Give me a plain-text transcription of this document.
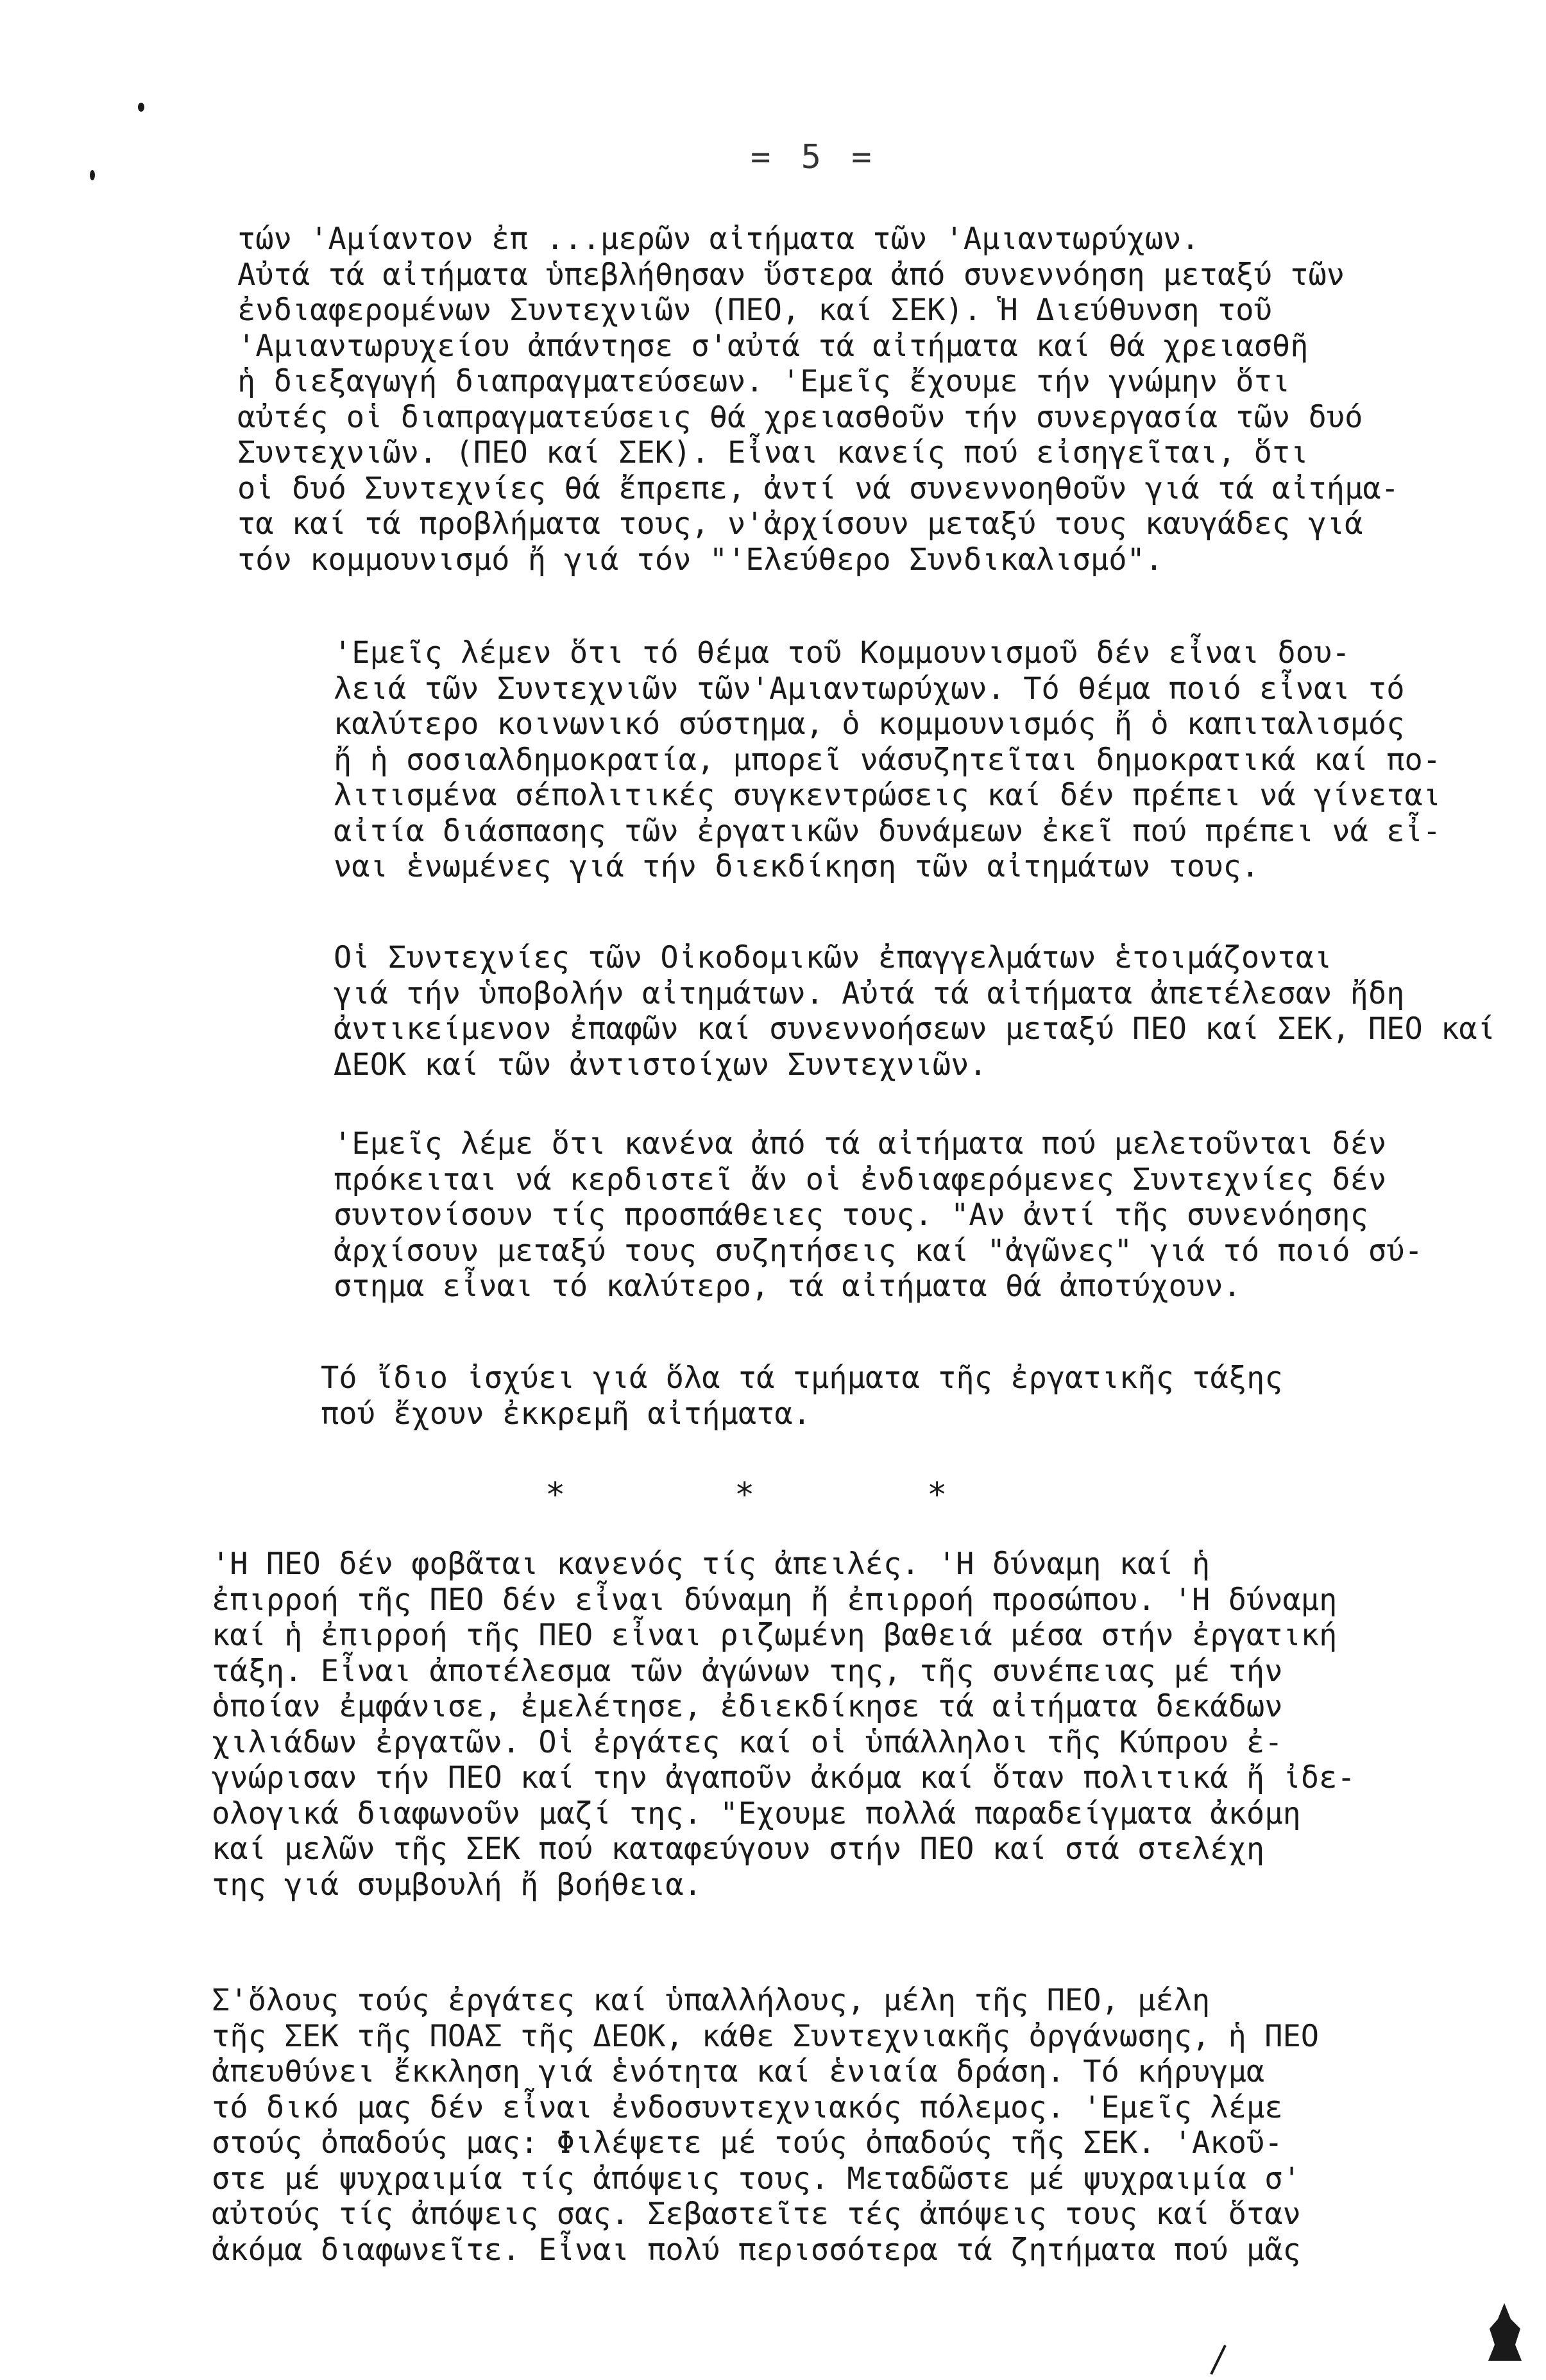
= 5 =
τών 'Αμίαντον ἐπ ...μερῶν αἰτήματα τῶν 'Αμιαντωρύχων.
Αὐτά τά αἰτήματα ὑπεβλήθησαν ὕστερα ἀπό συνεννόηση μεταξύ τῶν
ἐνδιαφερομένων Συντεχνιῶν (ΠΕΟ, καί ΣΕΚ). Ἡ Διεύθυνση τοῦ
'Αμιαντωρυχείου ἀπάντησε σ'αὐτά τά αἰτήματα καί θά χρειασθῆ
ἡ διεξαγωγή διαπραγματεύσεων. 'Εμεῖς ἔχουμε τήν γνώμην ὅτι
αὐτές οἱ διαπραγματεύσεις θά χρειασθοῦν τήν συνεργασία τῶν δυό
Συντεχνιῶν. (ΠΕΟ καί ΣΕΚ). Εἶναι κανείς πού εἰσηγεῖται, ὅτι
οἱ δυό Συντεχνίες θά ἔπρεπε, ἀντί νά συνεννοηθοῦν γιά τά αἰτήμα-
τα καί τά προβλήματα τους, ν'ἀρχίσουν μεταξύ τους καυγάδες γιά
τόν κομμουνισμό ἤ γιά τόν "'Ελεύθερο Συνδικαλισμό".
'Εμεῖς λέμεν ὅτι τό θέμα τοῦ Κομμουνισμοῦ δέν εἶναι δου-
λειά τῶν Συντεχνιῶν τῶν'Αμιαντωρύχων. Τό θέμα ποιό εἶναι τό
καλύτερο κοινωνικό σύστημα, ὁ κομμουνισμός ἤ ὁ καπιταλισμός
ἤ ἡ σοσιαλδημοκρατία, μπορεῖ νάσυζητεῖται δημοκρατικά καί πο-
λιτισμένα σέπολιτικές συγκεντρώσεις καί δέν πρέπει νά γίνεται
αἰτία διάσπασης τῶν ἐργατικῶν δυνάμεων ἐκεῖ πού πρέπει νά εἶ-
ναι ἑνωμένες γιά τήν διεκδίκηση τῶν αἰτημάτων τους.
Οἱ Συντεχνίες τῶν Οἰκοδομικῶν ἐπαγγελμάτων ἑτοιμάζονται
γιά τήν ὑποβολήν αἰτημάτων. Αὐτά τά αἰτήματα ἀπετέλεσαν ἤδη
ἀντικείμενον ἐπαφῶν καί συνεννοήσεων μεταξύ ΠΕΟ καί ΣΕΚ, ΠΕΟ καί
ΔΕΟΚ καί τῶν ἀντιστοίχων Συντεχνιῶν.
'Εμεῖς λέμε ὅτι κανένα ἀπό τά αἰτήματα πού μελετοῦνται δέν
πρόκειται νά κερδιστεῖ ἄν οἱ ἐνδιαφερόμενες Συντεχνίες δέν
συντονίσουν τίς προσπάθειες τους. "Αν ἀντί τῆς συνενόησης
ἀρχίσουν μεταξύ τους συζητήσεις καί "ἀγῶνες" γιά τό ποιό σύ-
στημα εἶναι τό καλύτερο, τά αἰτήματα θά ἀποτύχουν.
Τό ἴδιο ἰσχύει γιά ὅλα τά τμήματα τῆς ἐργατικῆς τάξης
πού ἔχουν ἐκκρεμῆ αἰτήματα.
*	*	*
'Η ΠΕΟ δέν φοβᾶται κανενός τίς ἀπειλές. 'Η δύναμη καί ἡ
ἐπιρροή τῆς ΠΕΟ δέν εἶναι δύναμη ἤ ἐπιρροή προσώπου. 'Η δύναμη
καί ἡ ἐπιρροή τῆς ΠΕΟ εἶναι ριζωμένη βαθειά μέσα στήν ἐργατική
τάξη. Εἶναι ἀποτέλεσμα τῶν ἀγώνων της, τῆς συνέπειας μέ τήν
ὁποίαν ἐμφάνισε, ἐμελέτησε, ἐδιεκδίκησε τά αἰτήματα δεκάδων
χιλιάδων ἐργατῶν. Οἱ ἐργάτες καί οἱ ὑπάλληλοι τῆς Κύπρου ἐ-
γνώρισαν τήν ΠΕΟ καί την ἀγαποῦν ἀκόμα καί ὅταν πολιτικά ἤ ἰδε-
ολογικά διαφωνοῦν μαζί της. "Εχουμε πολλά παραδείγματα ἀκόμη
καί μελῶν τῆς ΣΕΚ πού καταφεύγουν στήν ΠΕΟ καί στά στελέχη
της γιά συμβουλή ἤ βοήθεια.
Σ'ὅλους τούς ἐργάτες καί ὑπαλλήλους, μέλη τῆς ΠΕΟ, μέλη
τῆς ΣΕΚ τῆς ΠΟΑΣ τῆς ΔΕΟΚ, κάθε Συντεχνιακῆς ὀργάνωσης, ἡ ΠΕΟ
ἀπευθύνει ἔκκληση γιά ἑνότητα καί ἑνιαία δράση. Τό κήρυγμα
τό δικό μας δέν εἶναι ἐνδοσυντεχνιακός πόλεμος. 'Εμεῖς λέμε
στούς ὀπαδούς μας: Φιλέψετε μέ τούς ὀπαδούς τῆς ΣΕΚ. 'Ακοῦ-
στε μέ ψυχραιμία τίς ἀπόψεις τους. Μεταδῶστε μέ ψυχραιμία σ'
αὐτούς τίς ἀπόψεις σας. Σεβαστεῖτε τές ἀπόψεις τους καί ὅταν
ἀκόμα διαφωνεῖτε. Εἶναι πολύ περισσότερα τά ζητήματα πού μᾶς
